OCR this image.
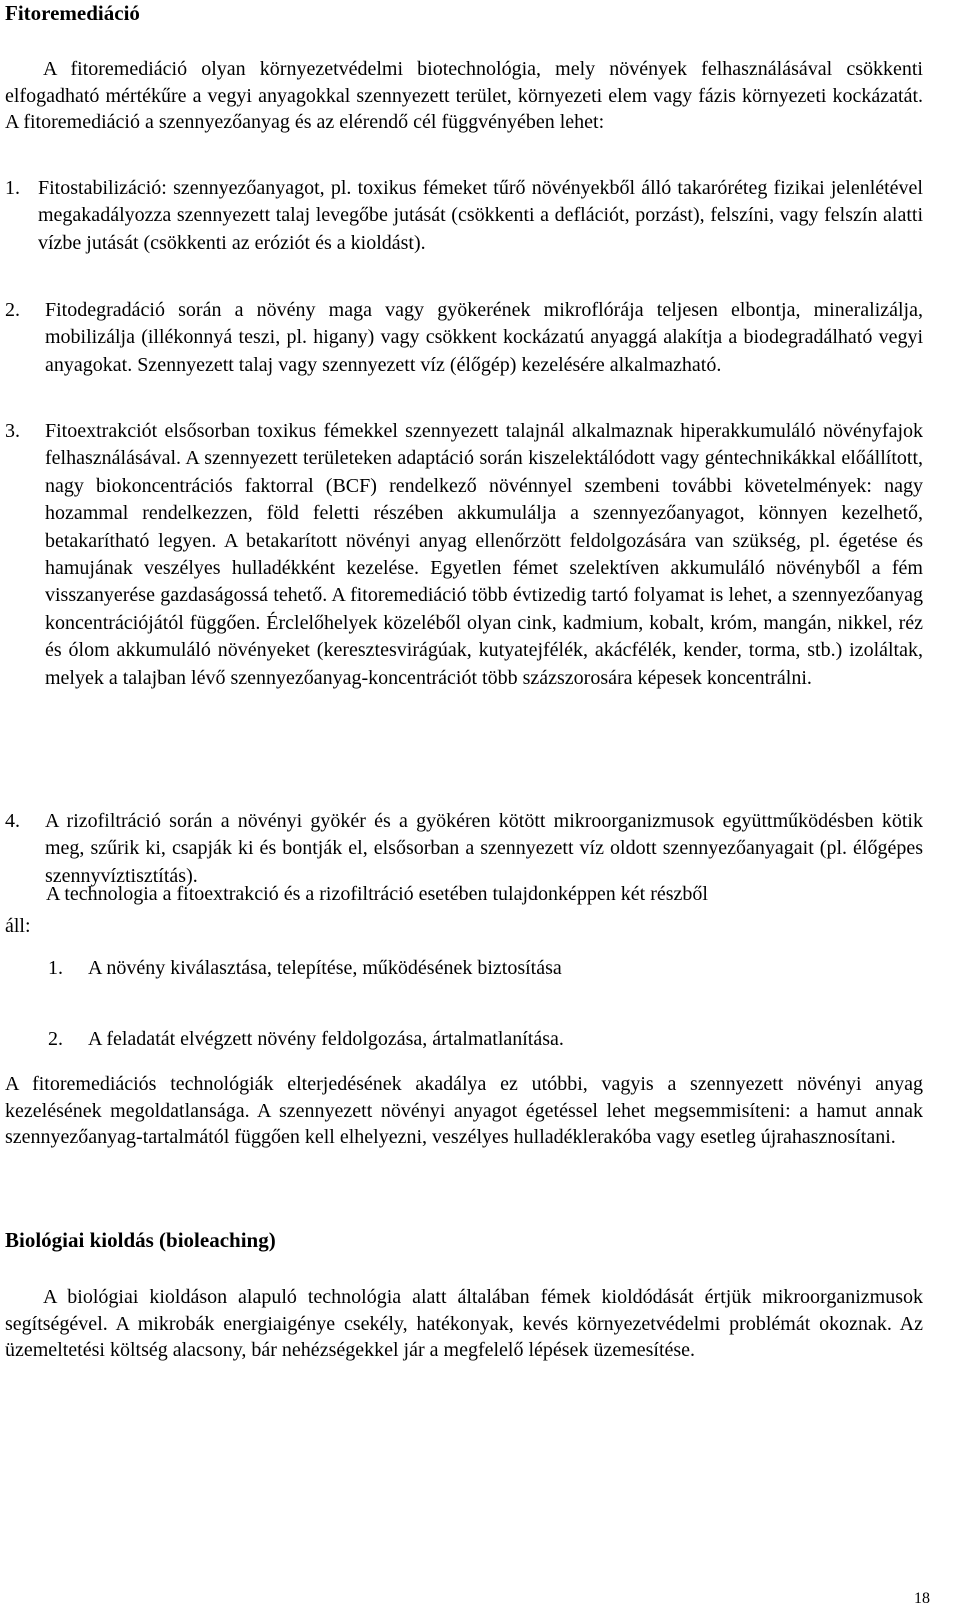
Fitoremediáció

A fitoremediáció olyan környezetvédelmi biotechnológia, mely növények felhasználásával csökkenti elfogadható mértékűre a vegyi anyagokkal szennyezett terület, környezeti elem vagy fázis környezeti kockázatát. A fitoremediáció a szennyezőanyag és az elérendő cél függvényében lehet:

1. Fitostabilizáció: szennyezőanyagot, pl. toxikus fémeket tűrő növényekből álló takaróréteg fizikai jelenlétével megakadályozza szennyezett talaj levegőbe jutását (csökkenti a deflációt, porzást), felszíni, vagy felszín alatti vízbe jutását (csökkenti az eróziót és a kioldást).
2. Fitodegradáció során a növény maga vagy gyökerének mikroflórája teljesen elbontja, mineralizálja, mobilizálja (illékonnyá teszi, pl. higany) vagy csökkent kockázatú anyaggá alakítja a biodegradálható vegyi anyagokat. Szennyezett talaj vagy szennyezett víz (élőgép) kezelésére alkalmazható.
3. Fitoextrakciót elsősorban toxikus fémekkel szennyezett talajnál alkalmaznak hiperakkumuláló növényfajok felhasználásával. A szennyezett területeken adaptáció során kiszelektálódott vagy géntechnikákkal előállított, nagy biokoncentrációs faktorral (BCF) rendelkező növénnyel szembeni további követelmények: nagy hozammal rendelkezzen, föld feletti részében akkumulálja a szennyezőanyagot, könnyen kezelhető, betakarítható legyen. A betakarított növényi anyag ellenőrzött feldolgozására van szükség, pl. égetése és hamujának veszélyes hulladékként kezelése. Egyetlen fémet szelektíven akkumuláló növényből a fém visszanyerése gazdaságossá tehető. A fitoremediáció több évtizedig tartó folyamat is lehet, a szennyezőanyag koncentrációjától függően. Érclelőhelyek közeléből olyan cink, kadmium, kobalt, króm, mangán, nikkel, réz és ólom akkumuláló növényeket (keresztesvirágúak, kutyatejfélék, akácfélék, kender, torma, stb.) izoláltak, melyek a talajban lévő szennyezőanyag-koncentrációt több százszorosára képesek koncentrálni.
4. A rizofiltráció során a növényi gyökér és a gyökéren kötött mikroorganizmusok együttműködésben kötik meg, szűrik ki, csapják ki és bontják el, elsősorban a szennyezett víz oldott szennyezőanyagait (pl. élőgépes szennyvíztisztítás).

A technologia a fitoextrakció és a rizofiltráció esetében tulajdonképpen két részből

áll:

1. A növény kiválasztása, telepítése, működésének biztosítása
2. A feladatát elvégzett növény feldolgozása, ártalmatlanítása.

A fitoremediációs technológiák elterjedésének akadálya ez utóbbi, vagyis a szennyezett növényi anyag kezelésének megoldatlansága. A szennyezett növényi anyagot égetéssel lehet megsemmisíteni: a hamut annak szennyezőanyag-tartalmától függően kell elhelyezni, veszélyes hulladéklerakóba vagy esetleg újrahasznosítani.

Biológiai kioldás (bioleaching)

A biológiai kioldáson alapuló technológia alatt általában fémek kioldódását értjük mikroorganizmusok segítségével. A mikrobák energiaigénye csekély, hatékonyak, kevés környezetvédelmi problémát okoznak. Az üzemeltetési költség alacsony, bár nehézségekkel jár a megfelelő lépések üzemesítése.

18
